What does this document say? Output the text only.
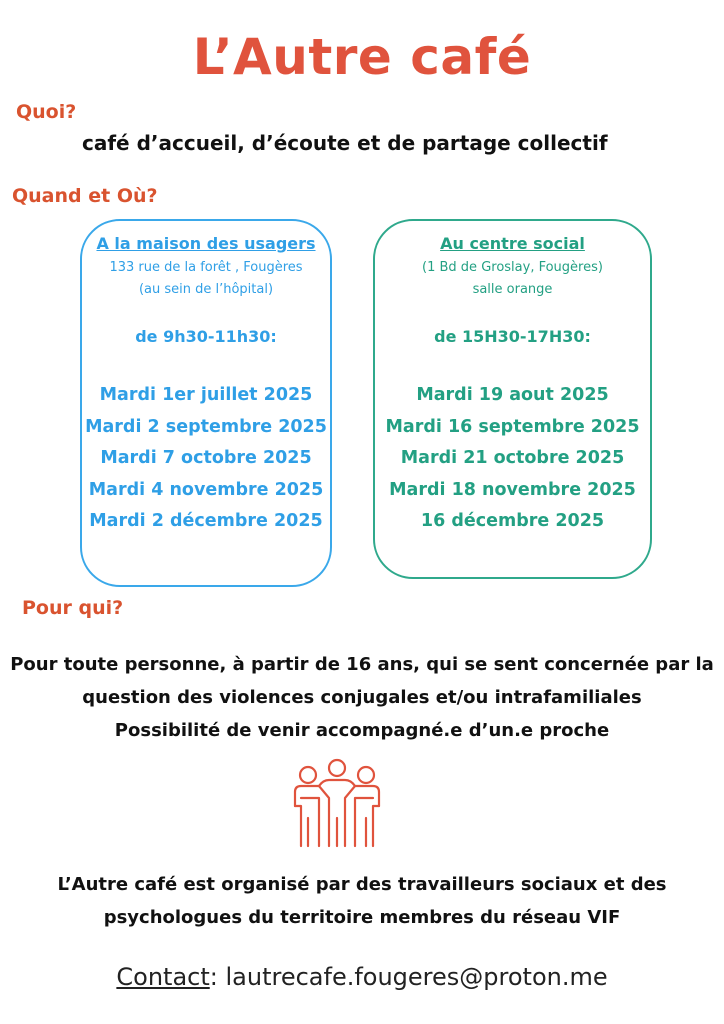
L’Autre café
Quoi?
café d’accueil, d’écoute et de partage collectif
Quand et Où?
A la maison des usagers
133 rue de la forêt , Fougères
(au sein de l’hôpital)
de 9h30-11h30:
Mardi 1er juillet 2025
Mardi 2 septembre 2025
Mardi 7 octobre 2025
Mardi 4 novembre 2025
Mardi 2 décembre 2025
Au centre social
(1 Bd de Groslay, Fougères)
salle orange
de 15H30-17H30:
Mardi 19 aout 2025
Mardi 16 septembre 2025
Mardi 21 octobre 2025
Mardi 18 novembre 2025
16 décembre 2025
Pour qui?
Pour toute personne, à partir de 16 ans, qui se sent concernée par la
question des violences conjugales et/ou intrafamiliales
Possibilité de venir accompagné.e d’un.e proche
L’Autre café est organisé par des travailleurs sociaux et des
psychologues du territoire membres du réseau VIF
Contact: lautrecafe.fougeres@proton.me
